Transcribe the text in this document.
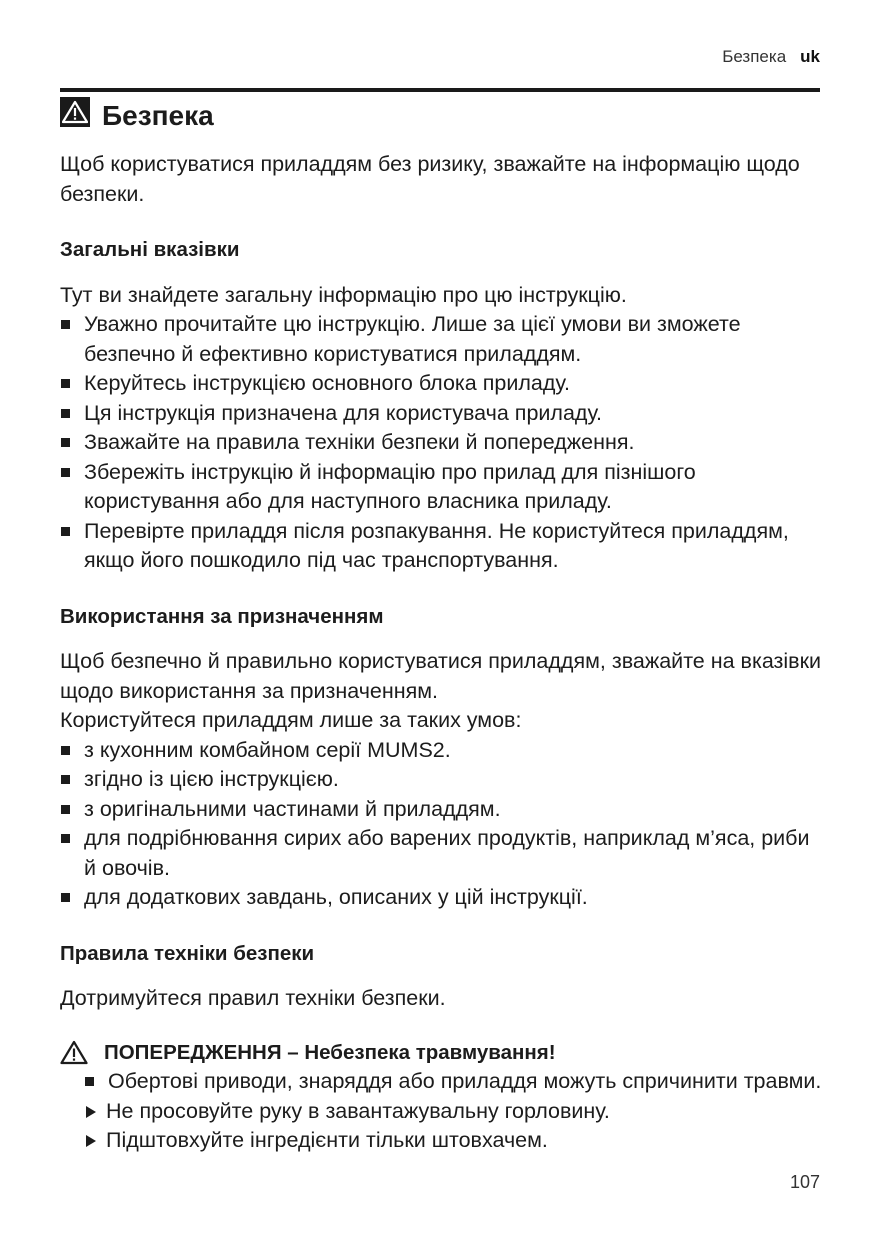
Безпека uk
Безпека

Щоб користуватися приладдям без ризику, зважайте на інформацію щодо безпеки.

Загальні вказівки

Тут ви знайдете загальну інформацію про цю інструкцію.

Уважно прочитайте цю інструкцію. Лише за цієї умови ви зможете безпечно й ефективно користуватися приладдям.
Керуйтесь інструкцією основного блока приладу.
Ця інструкція призначена для користувача приладу.
Зважайте на правила техніки безпеки й попередження.
Збережіть інструкцію й інформацію про прилад для пізнішого користування або для наступного власника приладу.
Перевірте приладдя після розпакування. Не користуйтеся приладдям, якщо його пошкодило під час транспортування.
Використання за призначенням

Щоб безпечно й правильно користуватися приладдям, зважайте на вказівки щодо використання за призначенням.

Користуйтеся приладдям лише за таких умов:

з кухонним комбайном серії MUMS2.
згідно із цією інструкцією.
з оригінальними частинами й приладдям.
для подрібнювання сирих або варених продуктів, наприклад м’яса, риби й овочів.
для додаткових завдань, описаних у цій інструкції.
Правила техніки безпеки

Дотримуйтеся правил техніки безпеки.

ПОПЕРЕДЖЕННЯ – Небезпека травмування!
Обертові приводи, знаряддя або приладдя можуть спричинити травми.
Не просовуйте руку в завантажувальну горловину.
Підштовхуйте інгредієнти тільки штовхачем.
107
